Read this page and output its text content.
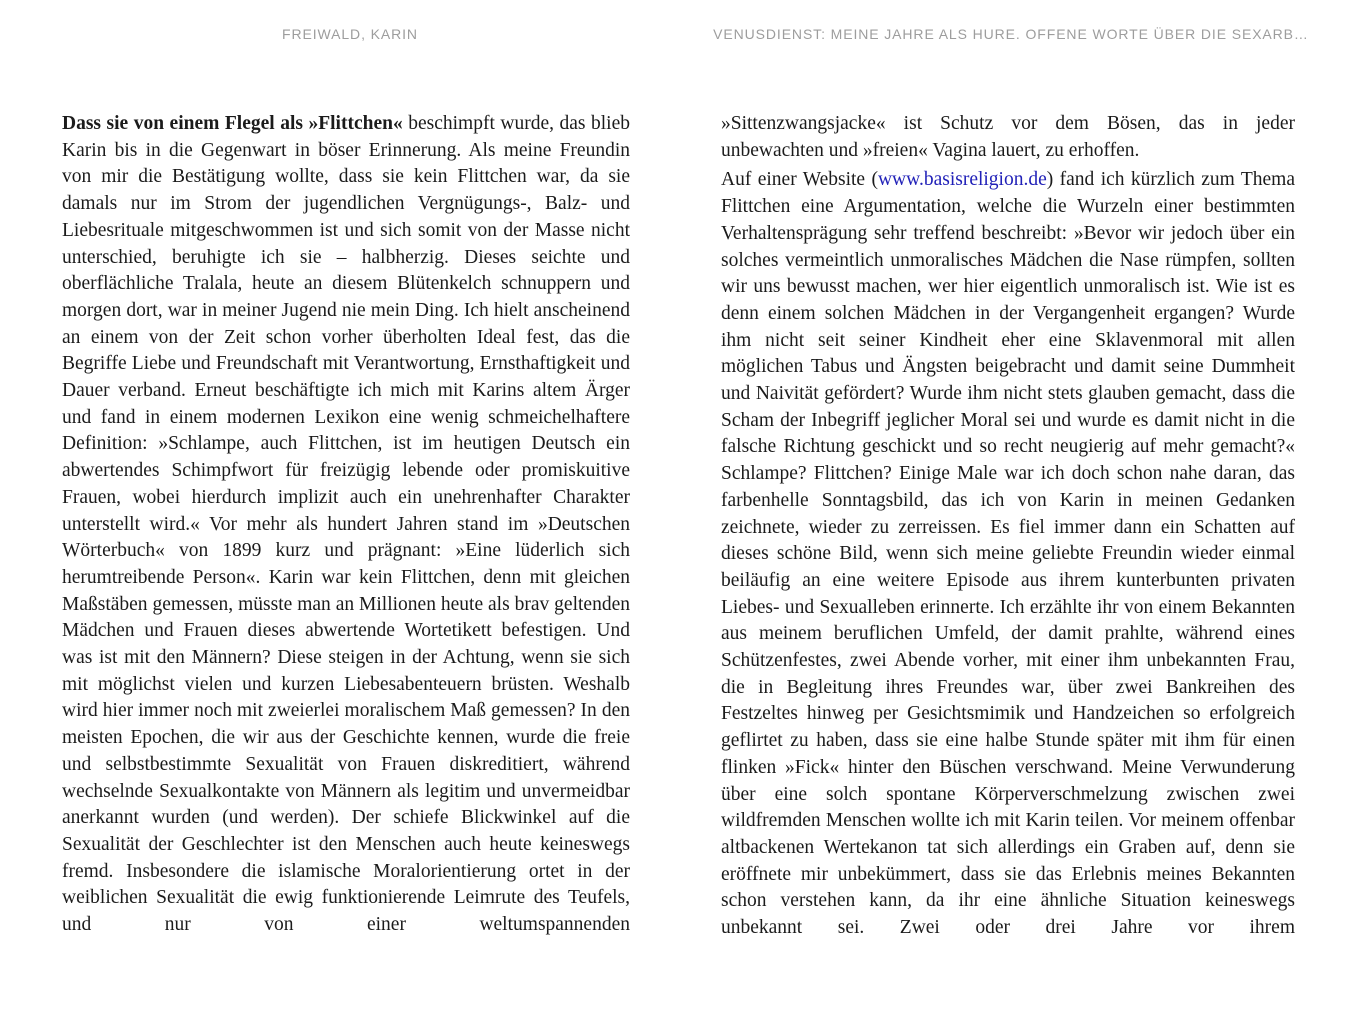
FREIWALD, KARIN	VENUSDIENST: MEINE JAHRE ALS HURE. OFFENE WORTE ÜBER DIE SEXARB…

Dass sie von einem Flegel als »Flittchen« beschimpft wurde, das blieb Karin bis in die Gegenwart in böser Erinnerung. Als meine Freundin von mir die Bestätigung wollte, dass sie kein Flittchen war, da sie damals nur im Strom der jugendlichen Vergnügungs-, Balz- und Liebesrituale mitgeschwommen ist und sich somit von der Masse nicht unterschied, beruhigte ich sie – halbherzig. Dieses seichte und oberflächliche Tralala, heute an diesem Blütenkelch schnuppern und morgen dort, war in meiner Jugend nie mein Ding. Ich hielt anscheinend an einem von der Zeit schon vorher überholten Ideal fest, das die Begriffe Liebe und Freundschaft mit Verantwortung, Ernsthaftigkeit und Dauer verband. Erneut beschäftigte ich mich mit Karins altem Ärger und fand in einem modernen Lexikon eine wenig schmeichelhaftere Definition: »Schlampe, auch Flittchen, ist im heutigen Deutsch ein abwertendes Schimpfwort für freizügig lebende oder promiskuitive Frauen, wobei hierdurch implizit auch ein unehrenhafter Charakter unterstellt wird.« Vor mehr als hundert Jahren stand im »Deutschen Wörterbuch« von 1899 kurz und prägnant: »Eine lüderlich sich herumtreibende Person«. Karin war kein Flittchen, denn mit gleichen Maßstäben gemessen, müsste man an Millionen heute als brav geltenden Mädchen und Frauen dieses abwertende Wortetikett befestigen. Und was ist mit den Männern? Diese steigen in der Achtung, wenn sie sich mit möglichst vielen und kurzen Liebesabenteuern brüsten. Weshalb wird hier immer noch mit zweierlei moralischem Maß gemessen? In den meisten Epochen, die wir aus der Geschichte kennen, wurde die freie und selbstbestimmte Sexualität von Frauen diskreditiert, während wechselnde Sexualkontakte von Männern als legitim und unvermeidbar anerkannt wurden (und werden). Der schiefe Blickwinkel auf die Sexualität der Geschlechter ist den Menschen auch heute keineswegs fremd. Insbesondere die islamische Moralorientierung ortet in der weiblichen Sexualität die ewig funktionierende Leimrute des Teufels, und nur von einer weltumspannenden

»Sittenzwangsjacke« ist Schutz vor dem Bösen, das in jeder unbewachten und »freien« Vagina lauert, zu erhoffen.

Auf einer Website (www.basisreligion.de) fand ich kürzlich zum Thema Flittchen eine Argumentation, welche die Wurzeln einer bestimmten Verhaltensprägung sehr treffend beschreibt: »Bevor wir jedoch über ein solches vermeintlich unmoralisches Mädchen die Nase rümpfen, sollten wir uns bewusst machen, wer hier eigentlich unmoralisch ist. Wie ist es denn einem solchen Mädchen in der Vergangenheit ergangen? Wurde ihm nicht seit seiner Kindheit eher eine Sklavenmoral mit allen möglichen Tabus und Ängsten beigebracht und damit seine Dummheit und Naivität gefördert? Wurde ihm nicht stets glauben gemacht, dass die Scham der Inbegriff jeglicher Moral sei und wurde es damit nicht in die falsche Richtung geschickt und so recht neugierig auf mehr gemacht?« Schlampe? Flittchen? Einige Male war ich doch schon nahe daran, das farbenhelle Sonntagsbild, das ich von Karin in meinen Gedanken zeichnete, wieder zu zerreissen. Es fiel immer dann ein Schatten auf dieses schöne Bild, wenn sich meine geliebte Freundin wieder einmal beiläufig an eine weitere Episode aus ihrem kunterbunten privaten Liebes- und Sexualleben erinnerte. Ich erzählte ihr von einem Bekannten aus meinem beruflichen Umfeld, der damit prahlte, während eines Schützenfestes, zwei Abende vorher, mit einer ihm unbekannten Frau, die in Begleitung ihres Freundes war, über zwei Bankreihen des Festzeltes hinweg per Gesichtsmimik und Handzeichen so erfolgreich geflirtet zu haben, dass sie eine halbe Stunde später mit ihm für einen flinken »Fick« hinter den Büschen verschwand. Meine Verwunderung über eine solch spontane Körperverschmelzung zwischen zwei wildfremden Menschen wollte ich mit Karin teilen. Vor meinem offenbar altbackenen Wertekanon tat sich allerdings ein Graben auf, denn sie eröffnete mir unbekümmert, dass sie das Erlebnis meines Bekannten schon verstehen kann, da ihr eine ähnliche Situation keineswegs unbekannt sei. Zwei oder drei Jahre vor ihrem
